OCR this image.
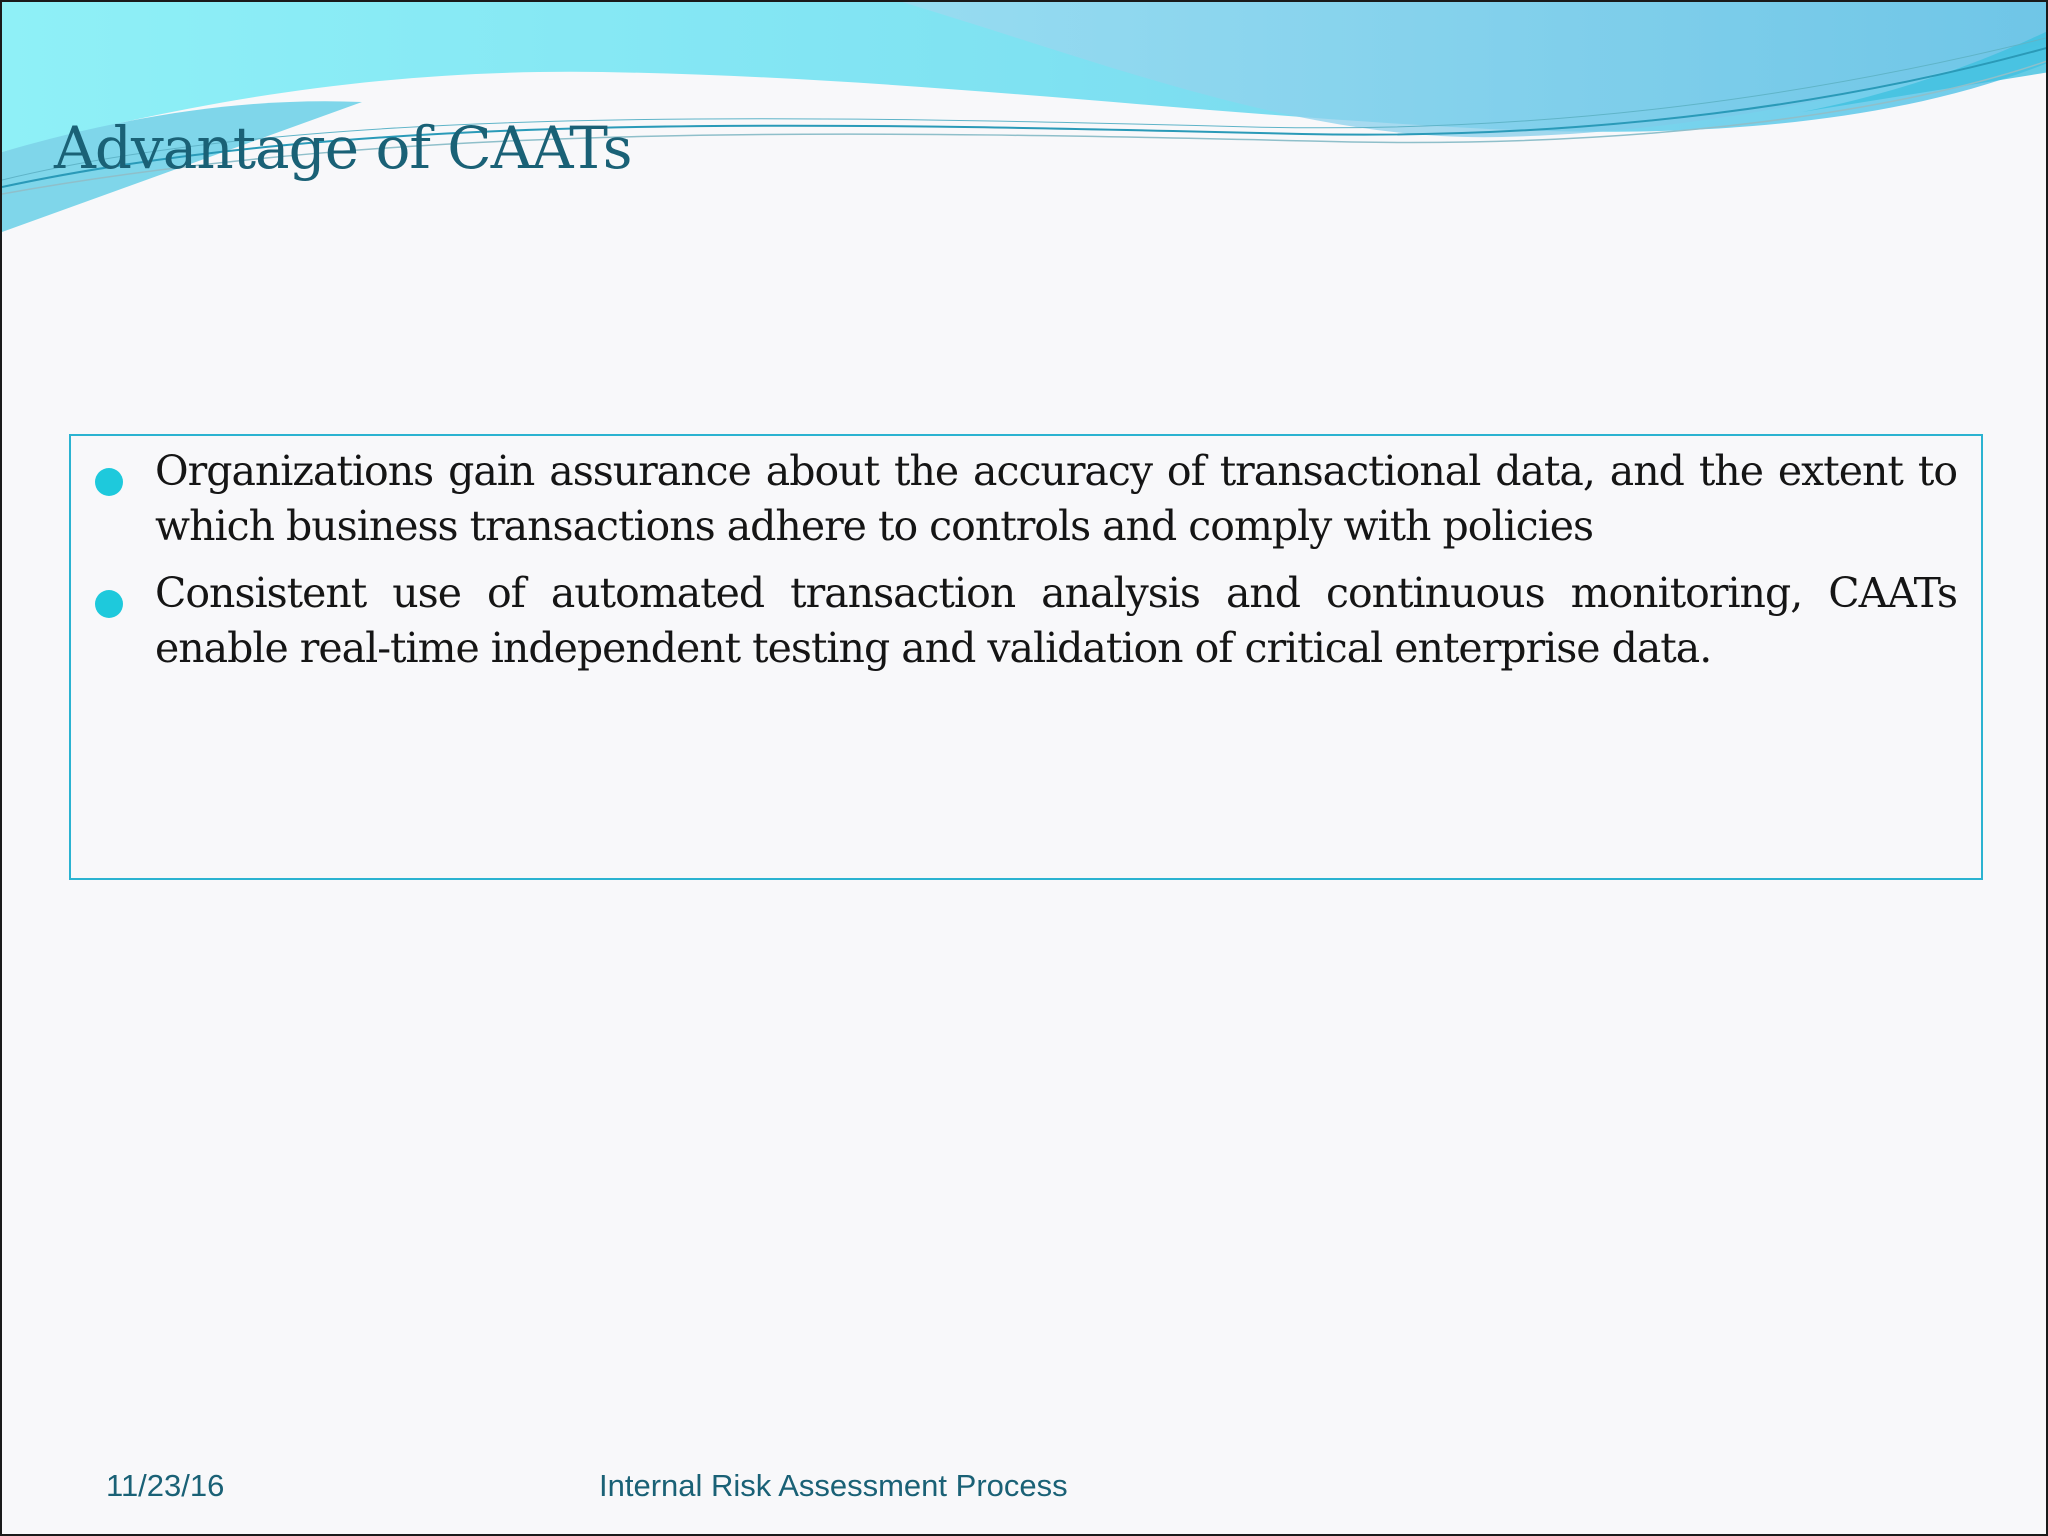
Advantage of CAATs
Organizations gain assurance about the accuracy of transactional data, and the extent to which business transactions adhere to controls and comply with policies
Consistent use of automated transaction analysis and continuous monitoring, CAATs enable real-time independent testing and validation of critical enterprise data.
11/23/16	Internal Risk Assessment Process
